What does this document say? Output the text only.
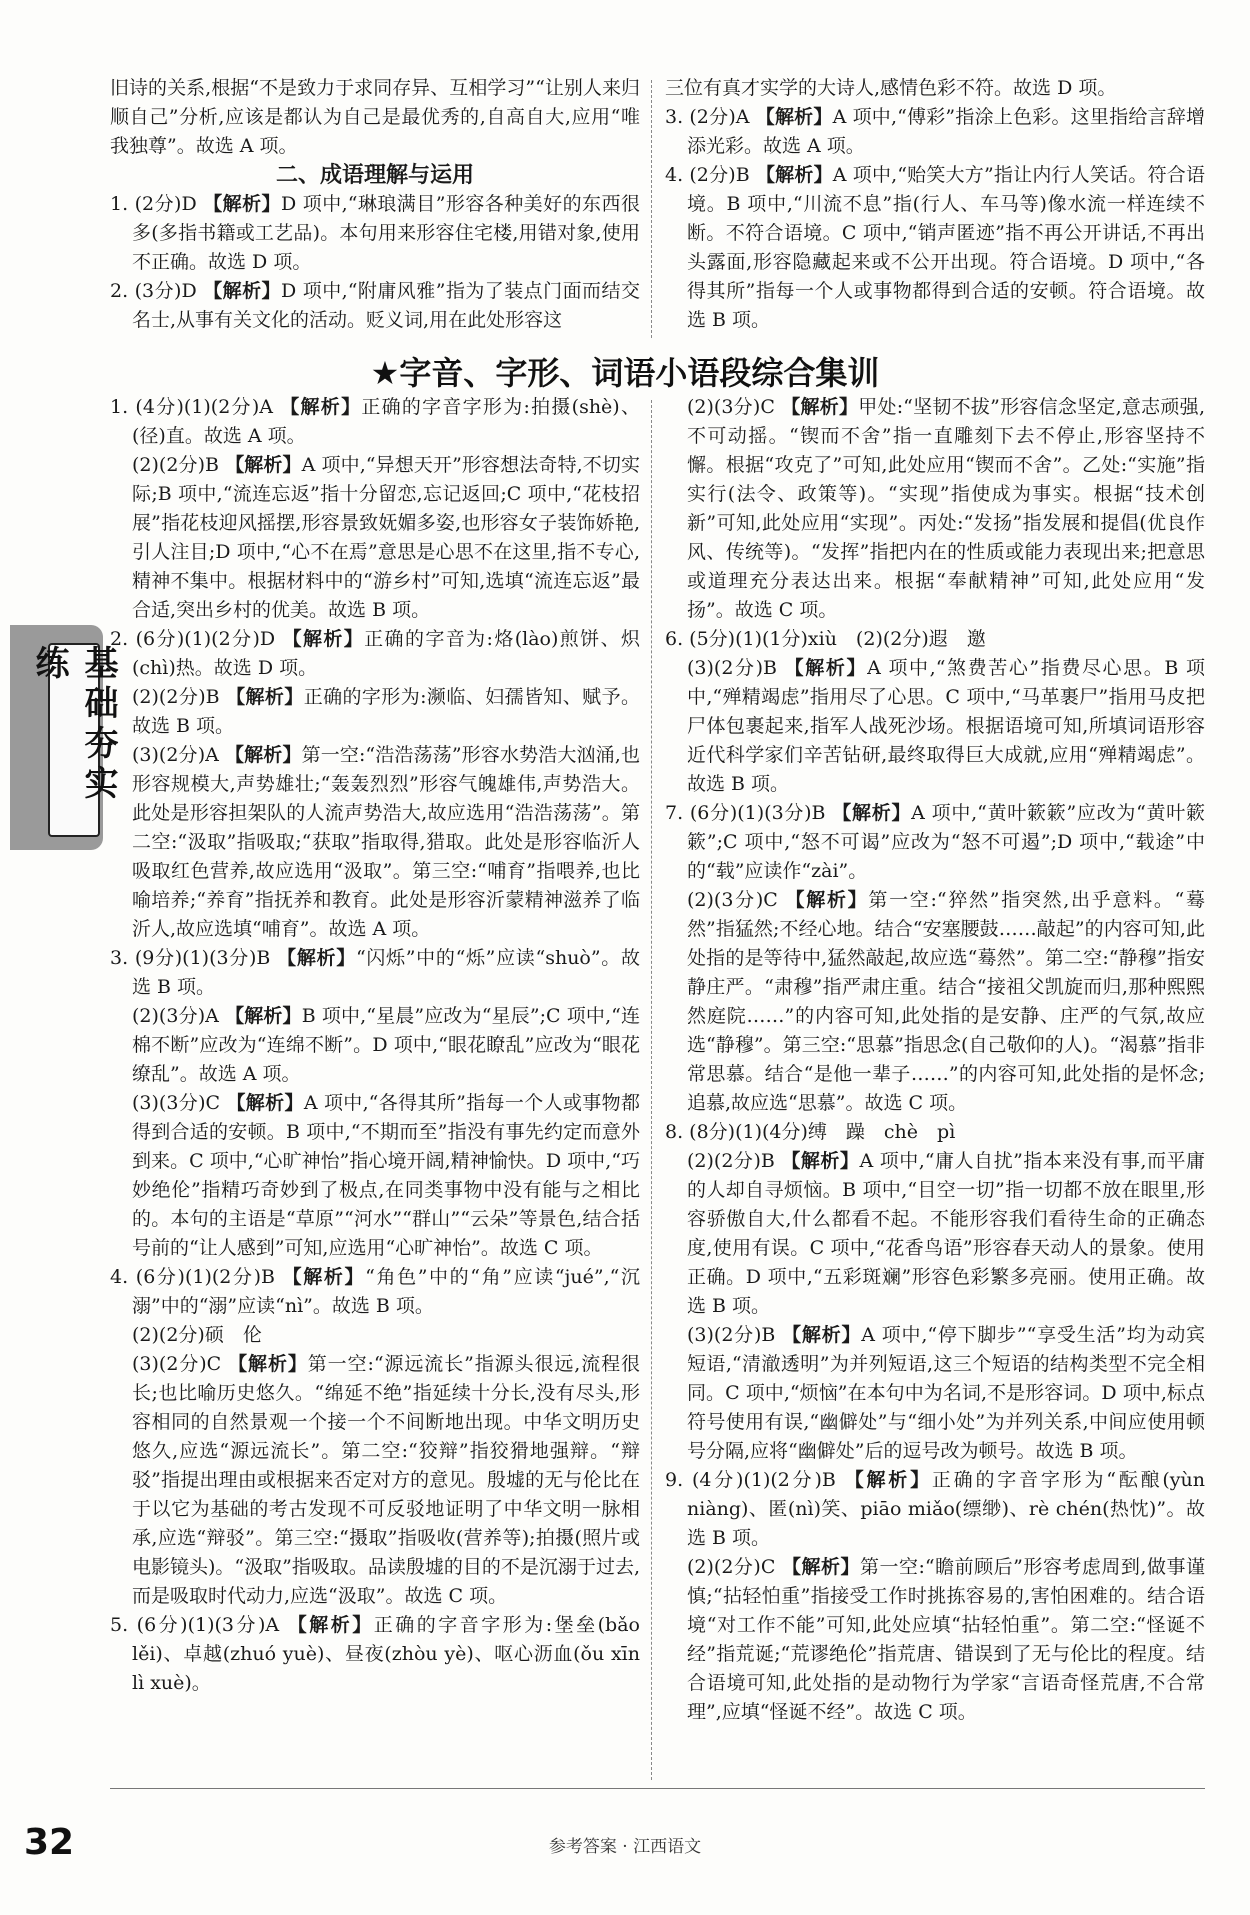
基础夯实练

旧诗的关系,根据“不是致力于求同存异、互相学习”“让别人来归顺自己”分析,应该是都认为自己是最优秀的,自高自大,应用“唯我独尊”。故选 A 项。

二、成语理解与运用

1. (2分)D 【解析】D 项中,“琳琅满目”形容各种美好的东西很多(多指书籍或工艺品)。本句用来形容住宅楼,用错对象,使用不正确。故选 D 项。

2. (3分)D 【解析】D 项中,“附庸风雅”指为了装点门面而结交名士,从事有关文化的活动。贬义词,用在此处形容这

三位有真才实学的大诗人,感情色彩不符。故选 D 项。

3. (2分)A 【解析】A 项中,“傅彩”指涂上色彩。这里指给言辞增添光彩。故选 A 项。

4. (2分)B 【解析】A 项中,“贻笑大方”指让内行人笑话。符合语境。B 项中,“川流不息”指(行人、车马等)像水流一样连续不断。不符合语境。C 项中,“销声匿迹”指不再公开讲话,不再出头露面,形容隐藏起来或不公开出现。符合语境。D 项中,“各得其所”指每一个人或事物都得到合适的安顿。符合语境。故选 B 项。

★字音、字形、词语小语段综合集训

1. (4分)(1)(2分)A 【解析】正确的字音字形为:拍摄(shè)、(径)直。故选 A 项。

(2)(2分)B 【解析】A 项中,“异想天开”形容想法奇特,不切实际;B 项中,“流连忘返”指十分留恋,忘记返回;C 项中,“花枝招展”指花枝迎风摇摆,形容景致妩媚多姿,也形容女子装饰娇艳,引人注目;D 项中,“心不在焉”意思是心思不在这里,指不专心,精神不集中。根据材料中的“游乡村”可知,选填“流连忘返”最合适,突出乡村的优美。故选 B 项。

2. (6分)(1)(2分)D 【解析】正确的字音为:烙(lào)煎饼、炽(chì)热。故选 D 项。

(2)(2分)B 【解析】正确的字形为:濒临、妇孺皆知、赋予。故选 B 项。

(3)(2分)A 【解析】第一空:“浩浩荡荡”形容水势浩大汹涌,也形容规模大,声势雄壮;“轰轰烈烈”形容气魄雄伟,声势浩大。此处是形容担架队的人流声势浩大,故应选用“浩浩荡荡”。第二空:“汲取”指吸取;“获取”指取得,猎取。此处是形容临沂人吸取红色营养,故应选用“汲取”。第三空:“哺育”指喂养,也比喻培养;“养育”指抚养和教育。此处是形容沂蒙精神滋养了临沂人,故应选填“哺育”。故选 A 项。

3. (9分)(1)(3分)B 【解析】“闪烁”中的“烁”应读“shuò”。故选 B 项。

(2)(3分)A 【解析】B 项中,“星晨”应改为“星辰”;C 项中,“连棉不断”应改为“连绵不断”。D 项中,“眼花瞭乱”应改为“眼花缭乱”。故选 A 项。

(3)(3分)C 【解析】A 项中,“各得其所”指每一个人或事物都得到合适的安顿。B 项中,“不期而至”指没有事先约定而意外到来。C 项中,“心旷神怡”指心境开阔,精神愉快。D 项中,“巧妙绝伦”指精巧奇妙到了极点,在同类事物中没有能与之相比的。本句的主语是“草原”“河水”“群山”“云朵”等景色,结合括号前的“让人感到”可知,应选用“心旷神怡”。故选 C 项。

4. (6分)(1)(2分)B 【解析】“角色”中的“角”应读“jué”,“沉溺”中的“溺”应读“nì”。故选 B 项。

(2)(2分)硕　伦

(3)(2分)C 【解析】第一空:“源远流长”指源头很远,流程很长;也比喻历史悠久。“绵延不绝”指延续十分长,没有尽头,形容相同的自然景观一个接一个不间断地出现。中华文明历史悠久,应选“源远流长”。第二空:“狡辩”指狡猾地强辩。“辩驳”指提出理由或根据来否定对方的意见。殷墟的无与伦比在于以它为基础的考古发现不可反驳地证明了中华文明一脉相承,应选“辩驳”。第三空:“摄取”指吸收(营养等);拍摄(照片或电影镜头)。“汲取”指吸取。品读殷墟的目的不是沉溺于过去,而是吸取时代动力,应选“汲取”。故选 C 项。

5. (6分)(1)(3分)A 【解析】正确的字音字形为:堡垒(bǎo lěi)、卓越(zhuó yuè)、昼夜(zhòu yè)、呕心沥血(ǒu xīn lì xuè)。

(2)(3分)C 【解析】甲处:“坚韧不拔”形容信念坚定,意志顽强,不可动摇。“锲而不舍”指一直雕刻下去不停止,形容坚持不懈。根据“攻克了”可知,此处应用“锲而不舍”。乙处:“实施”指实行(法令、政策等)。“实现”指使成为事实。根据“技术创新”可知,此处应用“实现”。丙处:“发扬”指发展和提倡(优良作风、传统等)。“发挥”指把内在的性质或能力表现出来;把意思或道理充分表达出来。根据“奉献精神”可知,此处应用“发扬”。故选 C 项。

6. (5分)(1)(1分)xiù　(2)(2分)遐　邀

(3)(2分)B 【解析】A 项中,“煞费苦心”指费尽心思。B 项中,“殚精竭虑”指用尽了心思。C 项中,“马革裹尸”指用马皮把尸体包裹起来,指军人战死沙场。根据语境可知,所填词语形容近代科学家们辛苦钻研,最终取得巨大成就,应用“殚精竭虑”。故选 B 项。

7. (6分)(1)(3分)B 【解析】A 项中,“黄叶簌簌”应改为“黄叶簌簌”;C 项中,“怒不可谒”应改为“怒不可遏”;D 项中,“载途”中的“载”应读作“zài”。

(2)(3分)C 【解析】第一空:“猝然”指突然,出乎意料。“蓦然”指猛然;不经心地。结合“安塞腰鼓……敲起”的内容可知,此处指的是等待中,猛然敲起,故应选“蓦然”。第二空:“静穆”指安静庄严。“肃穆”指严肃庄重。结合“接祖父凯旋而归,那种熙熙然庭院……”的内容可知,此处指的是安静、庄严的气氛,故应选“静穆”。第三空:“思慕”指思念(自己敬仰的人)。“渴慕”指非常思慕。结合“是他一辈子……”的内容可知,此处指的是怀念;追慕,故应选“思慕”。故选 C 项。

8. (8分)(1)(4分)缚　躁　chè　pì

(2)(2分)B 【解析】A 项中,“庸人自扰”指本来没有事,而平庸的人却自寻烦恼。B 项中,“目空一切”指一切都不放在眼里,形容骄傲自大,什么都看不起。不能形容我们看待生命的正确态度,使用有误。C 项中,“花香鸟语”形容春天动人的景象。使用正确。D 项中,“五彩斑斓”形容色彩繁多亮丽。使用正确。故选 B 项。

(3)(2分)B 【解析】A 项中,“停下脚步”“享受生活”均为动宾短语,“清澈透明”为并列短语,这三个短语的结构类型不完全相同。C 项中,“烦恼”在本句中为名词,不是形容词。D 项中,标点符号使用有误,“幽僻处”与“细小处”为并列关系,中间应使用顿号分隔,应将“幽僻处”后的逗号改为顿号。故选 B 项。

9. (4分)(1)(2分)B 【解析】正确的字音字形为“酝酿(yùn niàng)、匿(nì)笑、piāo miǎo(缥缈)、rè chén(热忱)”。故选 B 项。

(2)(2分)C 【解析】第一空:“瞻前顾后”形容考虑周到,做事谨慎;“拈轻怕重”指接受工作时挑拣容易的,害怕困难的。结合语境“对工作不能”可知,此处应填“拈轻怕重”。第二空:“怪诞不经”指荒诞;“荒谬绝伦”指荒唐、错误到了无与伦比的程度。结合语境可知,此处指的是动物行为学家“言语奇怪荒唐,不合常理”,应填“怪诞不经”。故选 C 项。

32	参考答案 · 江西语文
